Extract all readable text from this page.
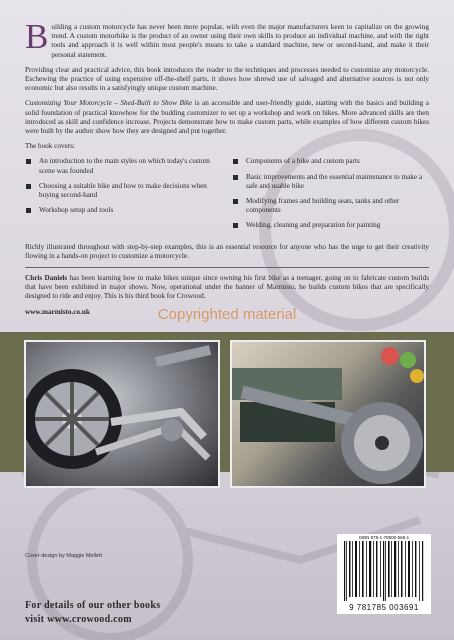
B uilding a custom motorcycle has never been more popular, with even the major manufacturers keen to capitalize on the growing trend. A custom motorbike is the product of an owner using their own skills to produce an individual machine, and with the right tools and approach it is well within most people's means to take a standard machine, new or second-hand, and make it their personal statement.

Providing clear and practical advice, this book introduces the reader to the techniques and processes needed to customize any motorcycle. Eschewing the practice of using expensive off-the-shelf parts, it shows how shrewd use of salvaged and alternative sources is not only economic but also results in a satisfyingly unique custom machine.

Customizing Your Motorcycle – Shed-Built to Show Bike is an accessible and user-friendly guide, starting with the basics and building a solid foundation of practical knowhow for the budding customizer to set up a workshop and work on bikes. More advanced skills are then introduced as skill and confidence increase. Projects demonstrate how to make custom parts, while examples of how different custom bikes were built by the author show how they are designed and put together.

The book covers:

An introduction to the main styles on which today's custom scene was founded

Choosing a suitable bike and how to make decisions when buying second-hand

Workshop setup and tools

Components of a bike and custom parts

Basic improvements and the essential maintenance to make a safe and usable bike

Modifying frames and building seats, tanks and other components

Welding, cleaning and preparation for painting

Richly illustrated throughout with step-by-step examples, this is an essential resource for anyone who has the urge to get their creativity flowing in a hands-on project to customize a motorcycle.

Chris Daniels has been learning how to make bikes unique since owning his first bike as a teenager, going on to fabricate custom builds that have been exhibited in major shows. Now, operational under the banner of Marmisto, he builds custom bikes that are specifically designed to ride and enjoy. This is his third book for Crowood.

www.marmisto.co.uk	Copyrighted material
Cover design by Maggie Mellett
For details of our other books
visit www.crowood.com
ISBN 978-1-78500-569-1
9 781785 003691
